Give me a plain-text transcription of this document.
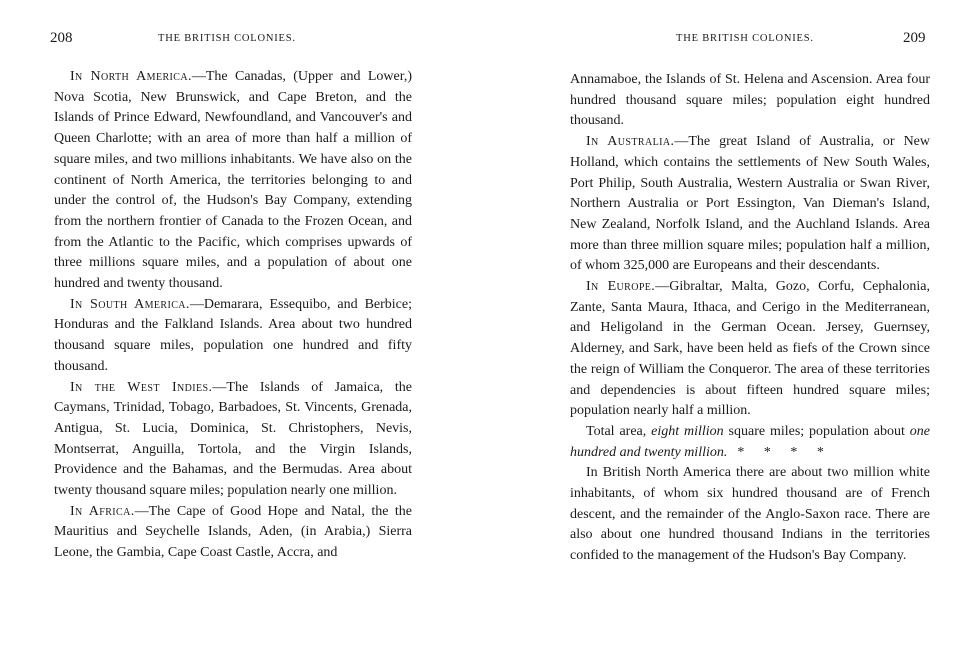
208	THE BRITISH COLONIES.

In North America.—The Canadas, (Upper and Lower,) Nova Scotia, New Brunswick, and Cape Breton, and the Islands of Prince Edward, Newfoundland, and Vancouver's and Queen Charlotte; with an area of more than half a million of square miles, and two millions inhabitants. We have also on the continent of North America, the territories belonging to and under the control of, the Hudson's Bay Company, extending from the northern frontier of Canada to the Frozen Ocean, and from the Atlantic to the Pacific, which comprises upwards of three millions square miles, and a population of about one hundred and twenty thousand.

In South America.—Demarara, Essequibo, and Berbice; Honduras and the Falkland Islands. Area about two hundred thousand square miles, population one hundred and fifty thousand.

In the West Indies.—The Islands of Jamaica, the Caymans, Trinidad, Tobago, Barbadoes, St. Vincents, Grenada, Antigua, St. Lucia, Dominica, St. Christophers, Nevis, Montserrat, Anguilla, Tortola, and the Virgin Islands, Providence and the Bahamas, and the Bermudas. Area about twenty thousand square miles; population nearly one million.

In Africa.—The Cape of Good Hope and Natal, the the Mauritius and Seychelle Islands, Aden, (in Arabia,) Sierra Leone, the Gambia, Cape Coast Castle, Accra, and

THE BRITISH COLONIES.	209

Annamaboe, the Islands of St. Helena and Ascension. Area four hundred thousand square miles; population eight hundred thousand.

In Australia.—The great Island of Australia, or New Holland, which contains the settlements of New South Wales, Port Philip, South Australia, Western Australia or Swan River, Northern Australia or Port Essington, Van Dieman's Island, New Zealand, Norfolk Island, and the Auchland Islands. Area more than three million square miles; population half a million, of whom 325,000 are Europeans and their descendants.

In Europe.—Gibraltar, Malta, Gozo, Corfu, Cephalonia, Zante, Santa Maura, Ithaca, and Cerigo in the Mediterranean, and Heligoland in the German Ocean. Jersey, Guernsey, Alderney, and Sark, have been held as fiefs of the Crown since the reign of William the Conqueror. The area of these territories and dependencies is about fifteen hundred square miles; population nearly half a million.

Total area, eight million square miles; population about one hundred and twenty million. * * * *

In British North America there are about two million white inhabitants, of whom six hundred thousand are of French descent, and the remainder of the Anglo-Saxon race. There are also about one hundred thousand Indians in the territories confided to the management of the Hudson's Bay Company.
